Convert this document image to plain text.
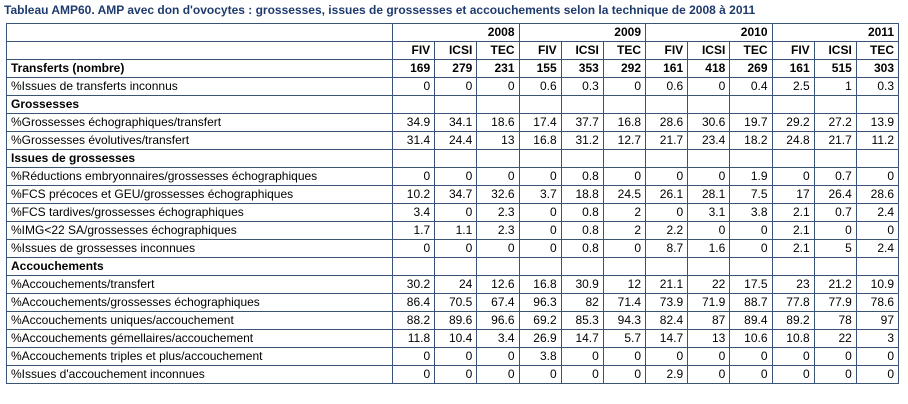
Tableau AMP60. AMP avec don d'ovocytes : grossesses, issues de grossesses et accouchements selon la technique de 2008 à 2011
	2008			2009			2010			2011		
	FIV	ICSI	TEC	FIV	ICSI	TEC	FIV	ICSI	TEC	FIV	ICSI	TEC
Transferts (nombre)	169	279	231	155	353	292	161	418	269	161	515	303
%Issues de transferts inconnus	0	0	0	0.6	0.3	0	0.6	0	0.4	2.5	1	0.3
Grossesses												
%Grossesses échographiques/transfert	34.9	34.1	18.6	17.4	37.7	16.8	28.6	30.6	19.7	29.2	27.2	13.9
%Grossesses évolutives/transfert	31.4	24.4	13	16.8	31.2	12.7	21.7	23.4	18.2	24.8	21.7	11.2
Issues de grossesses												
%Réductions embryonnaires/grossesses échographiques	0	0	0	0	0.8	0	0	0	1.9	0	0.7	0
%FCS précoces et GEU/grossesses échographiques	10.2	34.7	32.6	3.7	18.8	24.5	26.1	28.1	7.5	17	26.4	28.6
%FCS tardives/grossesses échographiques	3.4	0	2.3	0	0.8	2	0	3.1	3.8	2.1	0.7	2.4
%IMG<22 SA/grossesses échographiques	1.7	1.1	2.3	0	0.8	2	2.2	0	0	2.1	0	0
%Issues de grossesses inconnues	0	0	0	0	0.8	0	8.7	1.6	0	2.1	5	2.4
Accouchements												
%Accouchements/transfert	30.2	24	12.6	16.8	30.9	12	21.1	22	17.5	23	21.2	10.9
%Accouchements/grossesses échographiques	86.4	70.5	67.4	96.3	82	71.4	73.9	71.9	88.7	77.8	77.9	78.6
%Accouchements uniques/accouchement	88.2	89.6	96.6	69.2	85.3	94.3	82.4	87	89.4	89.2	78	97
%Accouchements gémellaires/accouchement	11.8	10.4	3.4	26.9	14.7	5.7	14.7	13	10.6	10.8	22	3
%Accouchements triples et plus/accouchement	0	0	0	3.8	0	0	0	0	0	0	0	0
%Issues d'accouchement inconnues	0	0	0	0	0	0	2.9	0	0	0	0	0
